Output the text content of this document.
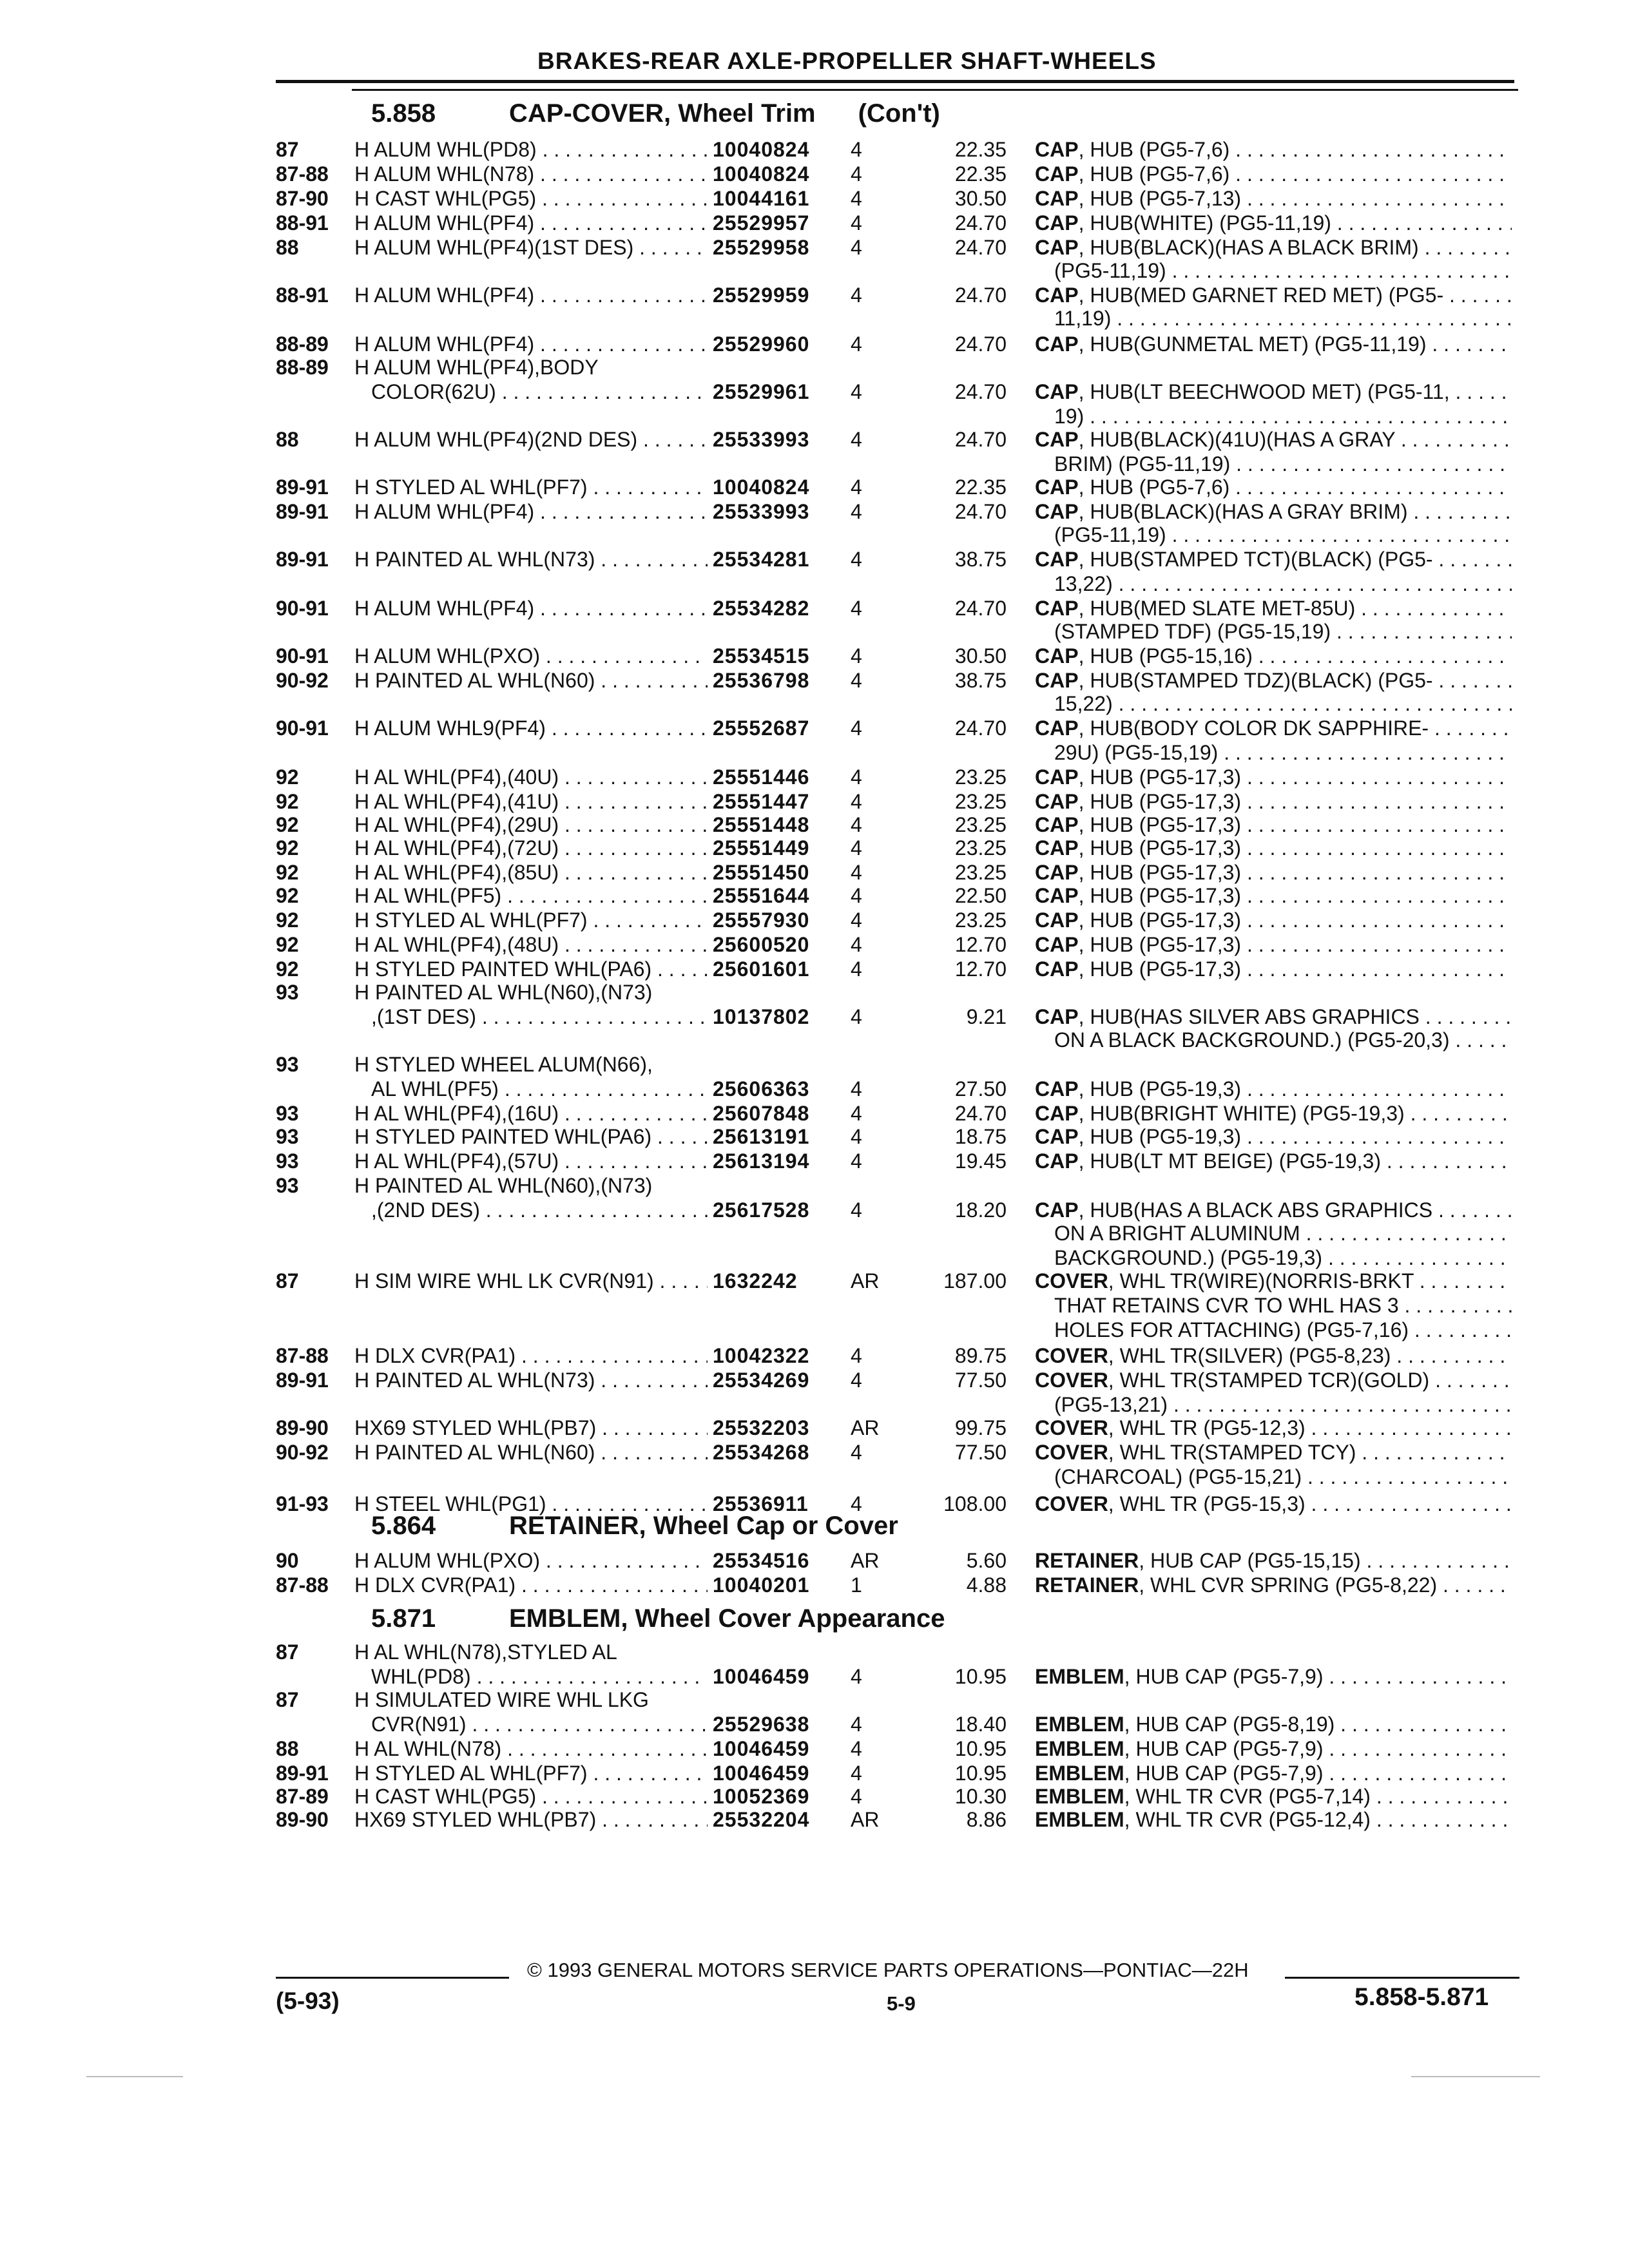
BRAKES-REAR AXLE-PROPELLER SHAFT-WHEELS
5.858	CAP-COVER, Wheel Trim (Con't)
5.864	RETAINER, Wheel Cap or Cover
5.871	EMBLEM, Wheel Cover Appearance
87	H ALUM WHL(PD8) . . .	10040824 4	22.35 CAP, HUB (PG5-7,6) . . .
87-88 H ALUM WHL(N78) . . .	10040824 4	22.35 CAP, HUB (PG5-7,6) . . .
87-90 H CAST WHL(PG5) . . .	10044161 4	30.50 CAP, HUB (PG5-7,13) . . .
88-91 H ALUM WHL(PF4) . . .	25529957 4	24.70 CAP, HUB(WHITE) (PG5-11,19) . . .
88	H ALUM WHL(PF4)(1ST DES) . . .	25529958 4	24.70 CAP, HUB(BLACK)(HAS A BLACK BRIM) . . .
(PG5-11,19) . . .
88-91 H ALUM WHL(PF4) . . .	25529959 4	24.70 CAP, HUB(MED GARNET RED MET) (PG5- . . .
11,19) . . .
88-89 H ALUM WHL(PF4) . . .	25529960 4	24.70 CAP, HUB(GUNMETAL MET) (PG5-11,19) . . .
88-89 H ALUM WHL(PF4),BODY
COLOR(62U) . . .	25529961 4	24.70 CAP, HUB(LT BEECHWOOD MET) (PG5-11, . . .
19) . . .
88	H ALUM WHL(PF4)(2ND DES) . . .	25533993 4	24.70 CAP, HUB(BLACK)(41U)(HAS A GRAY . . .
BRIM) (PG5-11,19) . . .
89-91 H STYLED AL WHL(PF7) . . .	10040824 4	22.35 CAP, HUB (PG5-7,6) . . .
89-91 H ALUM WHL(PF4) . . .	25533993 4	24.70 CAP, HUB(BLACK)(HAS A GRAY BRIM) . . .
(PG5-11,19) . . .
89-91 H PAINTED AL WHL(N73) . . .	25534281 4	38.75 CAP, HUB(STAMPED TCT)(BLACK) (PG5- . . .
13,22) . . .
90-91 H ALUM WHL(PF4) . . .	25534282 4	24.70 CAP, HUB(MED SLATE MET-85U) . . .
(STAMPED TDF) (PG5-15,19) . . .
90-91 H ALUM WHL(PXO) . . .	25534515 4	30.50 CAP, HUB (PG5-15,16) . . .
90-92 H PAINTED AL WHL(N60) . . .	25536798 4	38.75 CAP, HUB(STAMPED TDZ)(BLACK) (PG5- . . .
15,22) . . .
90-91 H ALUM WHL9(PF4) . . .	25552687 4	24.70 CAP, HUB(BODY COLOR DK SAPPHIRE- . . .
29U) (PG5-15,19) . . .
92	H AL WHL(PF4),(40U) . . .	25551446 4	23.25 CAP, HUB (PG5-17,3) . . .
92	H AL WHL(PF4),(41U) . . .	25551447 4	23.25 CAP, HUB (PG5-17,3) . . .
92	H AL WHL(PF4),(29U) . . .	25551448 4	23.25 CAP, HUB (PG5-17,3) . . .
92	H AL WHL(PF4),(72U) . . .	25551449 4	23.25 CAP, HUB (PG5-17,3) . . .
92	H AL WHL(PF4),(85U) . . .	25551450 4	23.25 CAP, HUB (PG5-17,3) . . .
92	H AL WHL(PF5) . . .	25551644 4	22.50 CAP, HUB (PG5-17,3) . . .
92	H STYLED AL WHL(PF7) . . .	25557930 4	23.25 CAP, HUB (PG5-17,3) . . .
92	H AL WHL(PF4),(48U) . . .	25600520 4	12.70 CAP, HUB (PG5-17,3) . . .
92	H STYLED PAINTED WHL(PA6) . . .	25601601 4	12.70 CAP, HUB (PG5-17,3) . . .
93	H PAINTED AL WHL(N60),(N73)
,(1ST DES) . . .	10137802 4	9.21 CAP, HUB(HAS SILVER ABS GRAPHICS . . .
ON A BLACK BACKGROUND.) (PG5-20,3) . . .
93	H STYLED WHEEL ALUM(N66),
AL WHL(PF5) . . .	25606363 4	27.50 CAP, HUB (PG5-19,3) . . .
93	H AL WHL(PF4),(16U) . . .	25607848 4	24.70 CAP, HUB(BRIGHT WHITE) (PG5-19,3) . . .
93	H STYLED PAINTED WHL(PA6) . . .	25613191 4	18.75 CAP, HUB (PG5-19,3) . . .
93	H AL WHL(PF4),(57U) . . .	25613194 4	19.45 CAP, HUB(LT MT BEIGE) (PG5-19,3) . . .
93	H PAINTED AL WHL(N60),(N73)
,(2ND DES) . . .	25617528 4	18.20 CAP, HUB(HAS A BLACK ABS GRAPHICS . . .
ON A BRIGHT ALUMINUM . . .
BACKGROUND.) (PG5-19,3) . . .
87	H SIM WIRE WHL LK CVR(N91) . . .	1632242	AR	187.00 COVER, WHL TR(WIRE)(NORRIS-BRKT . . .
THAT RETAINS CVR TO WHL HAS 3 . . .
HOLES FOR ATTACHING) (PG5-7,16) . . .
87-88 H DLX CVR(PA1) . . .	10042322 4	89.75 COVER, WHL TR(SILVER) (PG5-8,23) . . .
89-91 H PAINTED AL WHL(N73) . . .	25534269 4	77.50 COVER, WHL TR(STAMPED TCR)(GOLD) . . .
(PG5-13,21) . . .
89-90 HX69 STYLED WHL(PB7) . . .	25532203 AR	99.75 COVER, WHL TR (PG5-12,3) . . .
90-92 H PAINTED AL WHL(N60) . . .	25534268 4	77.50 COVER, WHL TR(STAMPED TCY) . . .
(CHARCOAL) (PG5-15,21) . . .
91-93 H STEEL WHL(PG1) . . .	25536911 4	108.00 COVER, WHL TR (PG5-15,3) . . .
90	H ALUM WHL(PXO) . . .	25534516 AR	5.60 RETAINER, HUB CAP (PG5-15,15) . . .
87-88 H DLX CVR(PA1) . . .	10040201 1	4.88 RETAINER, WHL CVR SPRING (PG5-8,22) . . .
87	H AL WHL(N78),STYLED AL
WHL(PD8) . . .	10046459 4	10.95 EMBLEM, HUB CAP (PG5-7,9) . . .
87	H SIMULATED WIRE WHL LKG
CVR(N91) . . .	25529638 4	18.40 EMBLEM, HUB CAP (PG5-8,19) . . .
88	H AL WHL(N78) . . .	10046459 4	10.95 EMBLEM, HUB CAP (PG5-7,9) . . .
89-91 H STYLED AL WHL(PF7) . . .	10046459 4	10.95 EMBLEM, HUB CAP (PG5-7,9) . . .
87-89 H CAST WHL(PG5) . . .	10052369 4	10.30 EMBLEM, WHL TR CVR (PG5-7,14) . . .
89-90 HX69 STYLED WHL(PB7) . . .	25532204 AR	8.86 EMBLEM, WHL TR CVR (PG5-12,4) . . .
© 1993 GENERAL MOTORS SERVICE PARTS OPERATIONS—PONTIAC—22H
(5-93)	5-9	5.858-5.871
